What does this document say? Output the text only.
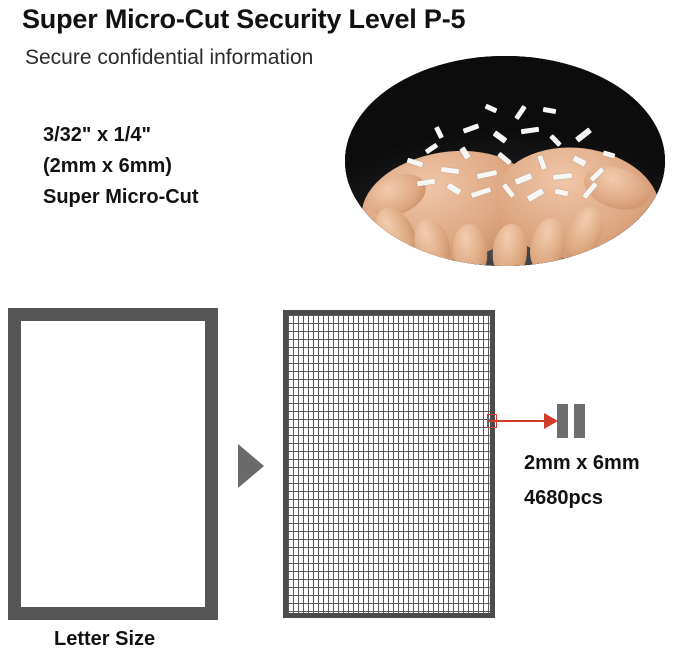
Super Micro-Cut Security Level P-5
Secure confidential information
3/32" x 1/4"
(2mm x 6mm)
Super Micro-Cut
Letter Size
2mm x 6mm
4680pcs
